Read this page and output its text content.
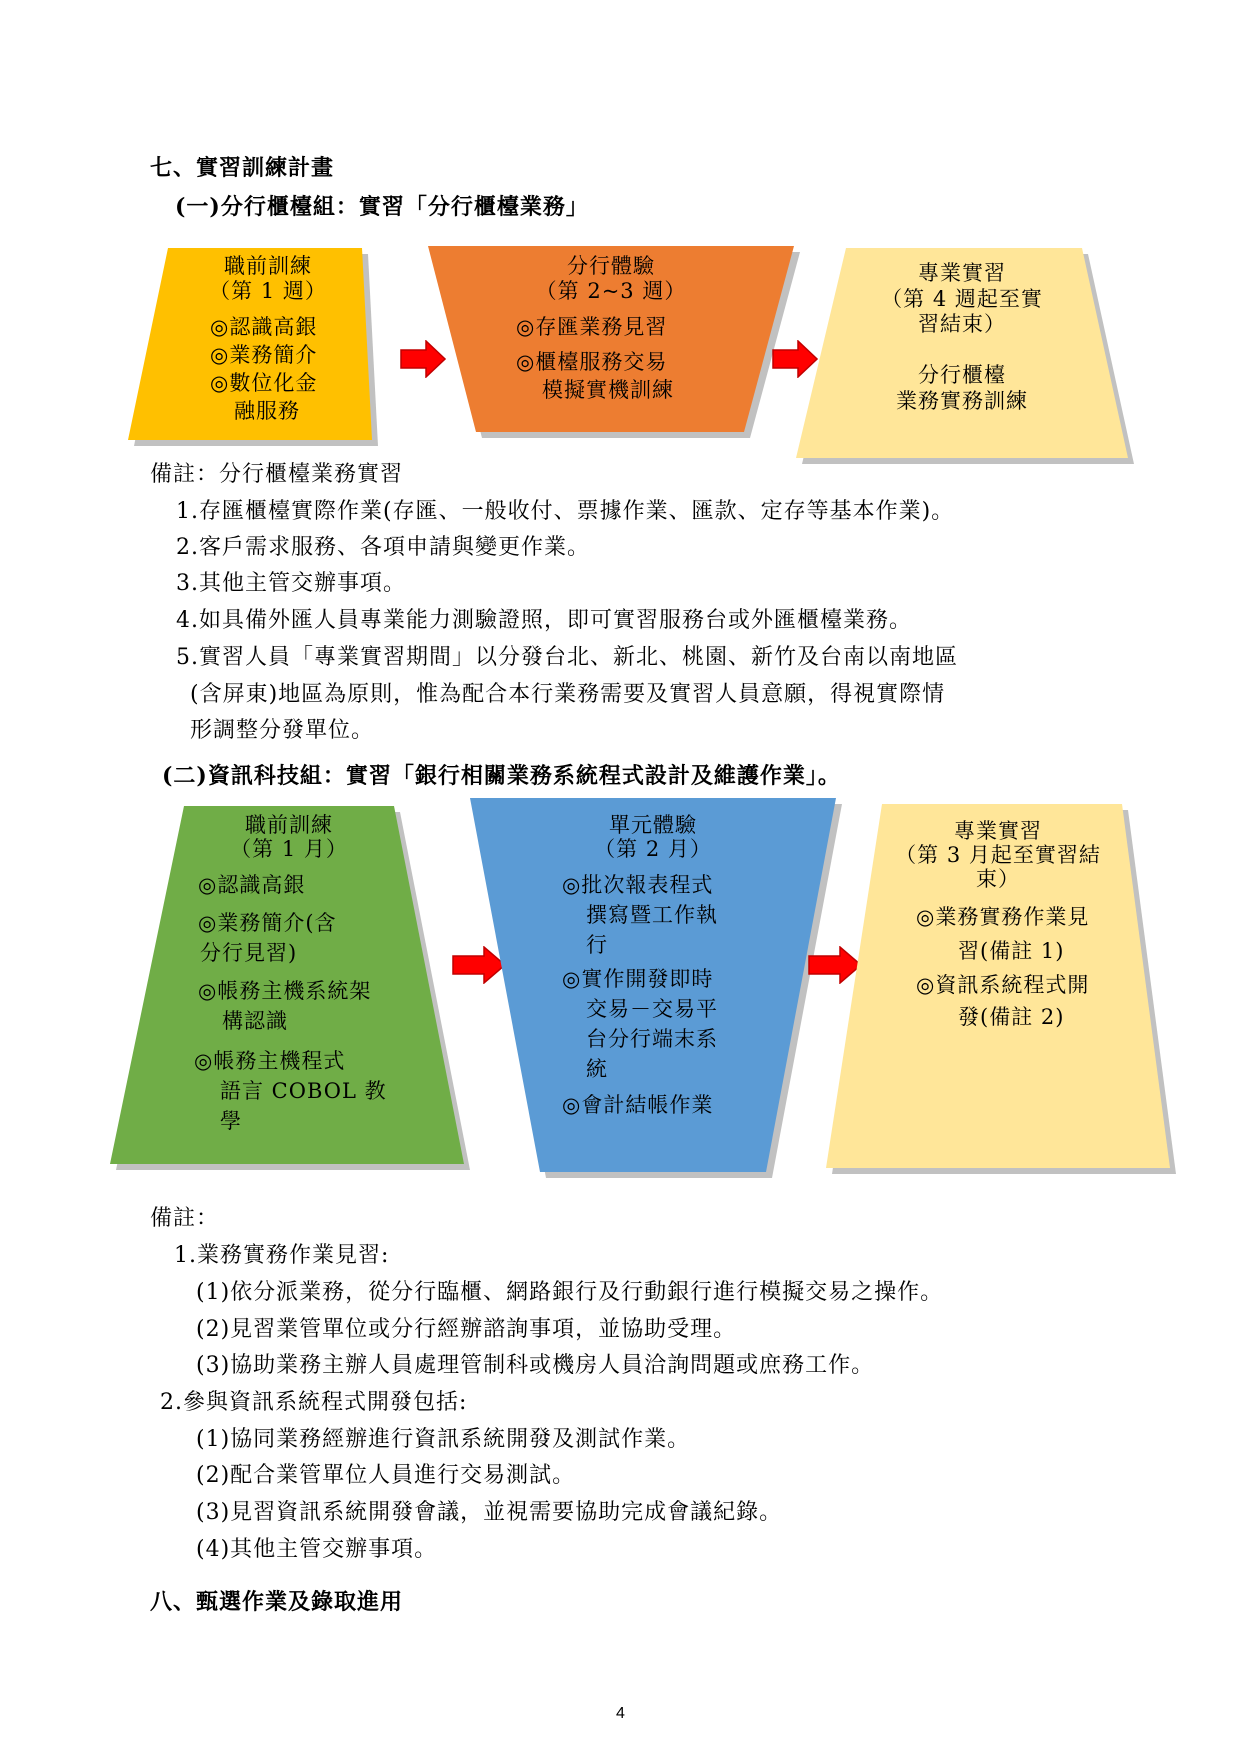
七、實習訓練計畫
(一)分行櫃檯組：實習「分行櫃檯業務」
職前訓練
（第 1 週）
◎認識高銀
◎業務簡介
◎數位化金
融服務
分行體驗
（第 2~3 週）
◎存匯業務見習
◎櫃檯服務交易
模擬實機訓練
專業實習
（第 4 週起至實
習結束）
分行櫃檯
業務實務訓練
備註：分行櫃檯業務實習
1.存匯櫃檯實際作業(存匯、一般收付、票據作業、匯款、定存等基本作業)。
2.客戶需求服務、各項申請與變更作業。
3.其他主管交辦事項。
4.如具備外匯人員專業能力測驗證照，即可實習服務台或外匯櫃檯業務。
5.實習人員「專業實習期間」以分發台北、新北、桃園、新竹及台南以南地區
(含屏東)地區為原則，惟為配合本行業務需要及實習人員意願，得視實際情
形調整分發單位。
(二)資訊科技組：實習「銀行相關業務系統程式設計及維護作業」。
職前訓練
（第 1 月）
◎認識高銀
◎業務簡介(含
分行見習)
◎帳務主機系統架
構認識
◎帳務主機程式
語言 COBOL 教
學
單元體驗
（第 2 月）
◎批次報表程式
撰寫暨工作執
行
◎實作開發即時
交易－交易平
台分行端末系
統
◎會計結帳作業
專業實習
（第 3 月起至實習結
束）
◎業務實務作業見
習(備註 1)
◎資訊系統程式開
發(備註 2)
備註：
1.業務實務作業見習:
(1)依分派業務，從分行臨櫃、網路銀行及行動銀行進行模擬交易之操作。
(2)見習業管單位或分行經辦諮詢事項，並協助受理。
(3)協助業務主辦人員處理管制科或機房人員洽詢問題或庶務工作。
2.參與資訊系統程式開發包括:
(1)協同業務經辦進行資訊系統開發及測試作業。
(2)配合業管單位人員進行交易測試。
(3)見習資訊系統開發會議，並視需要協助完成會議紀錄。
(4)其他主管交辦事項。
八、甄選作業及錄取進用
4
